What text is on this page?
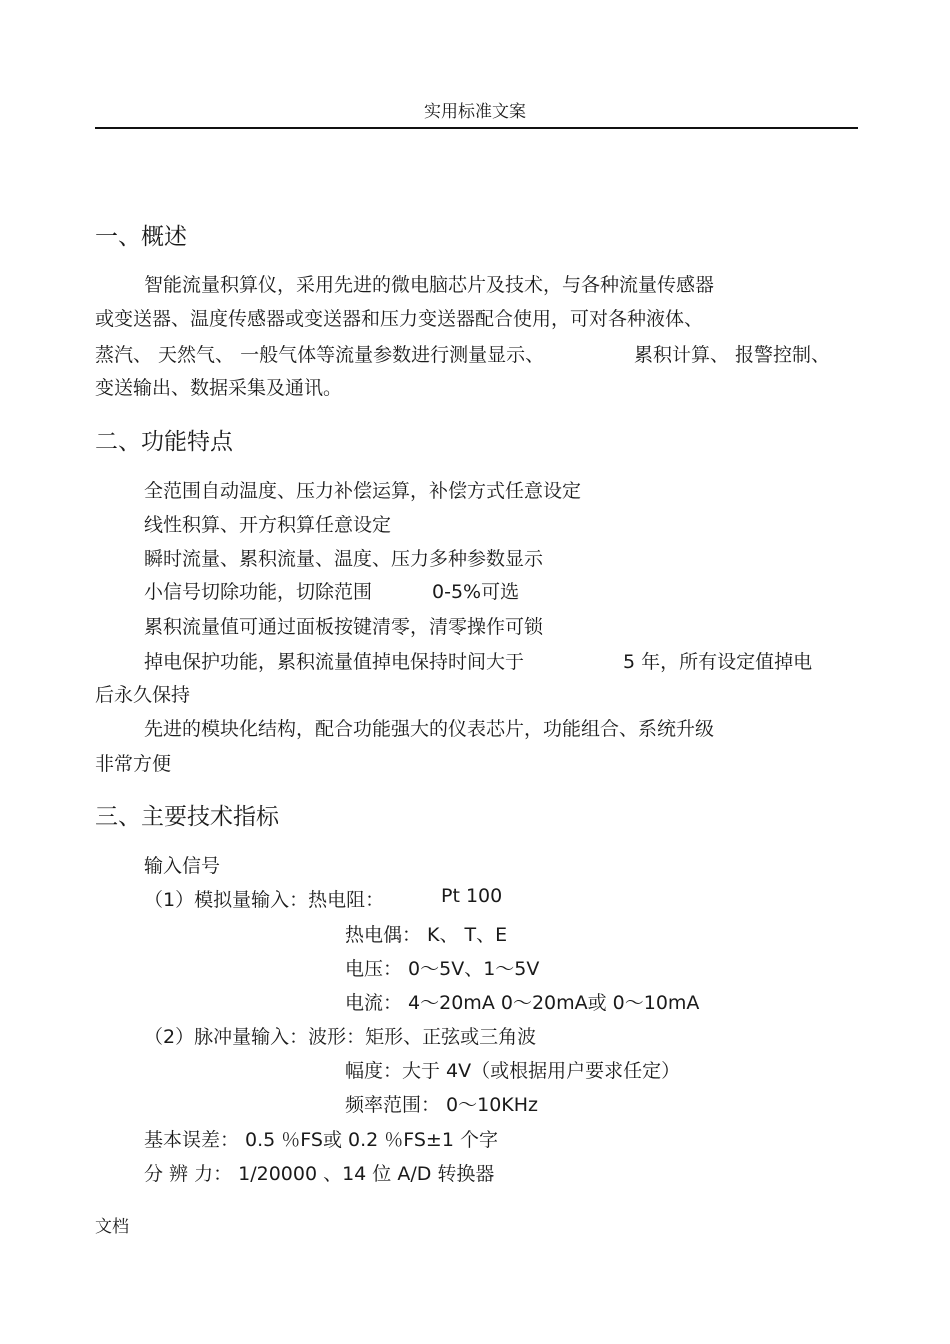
实用标准文案
一、概述
智能流量积算仪，采用先进的微电脑芯片及技术，与各种流量传感器
或变送器、温度传感器或变送器和压力变送器配合使用，可对各种液体、
蒸汽、 天然气、 一般气体等流量参数进行测量显示、	累积计算、 报警控制、
变送输出、数据采集及通讯。
二、功能特点
全范围自动温度、压力补偿运算，补偿方式任意设定
线性积算、开方积算任意设定
瞬时流量、累积流量、温度、压力多种参数显示
小信号切除功能，切除范围	0-5%可选
累积流量值可通过面板按键清零，清零操作可锁
掉电保护功能，累积流量值掉电保持时间大于	5 年，所有设定值掉电
后永久保持
先进的模块化结构，配合功能强大的仪表芯片，功能组合、系统升级
非常方便
三、主要技术指标
输入信号
（1）模拟量输入：热电阻：	Pt 100
热电偶： K、 T、E
电压： 0～5V、1～5V
电流： 4～20mA 0～20mA或 0～10mA
（2）脉冲量输入：波形：矩形、正弦或三角波
幅度：大于 4V（或根据用户要求任定）
频率范围： 0～10KHz
基本误差： 0.5 ％FS或 0.2 ％FS±1 个字
分 辨 力： 1/20000 、14 位 A/D 转换器
文档
